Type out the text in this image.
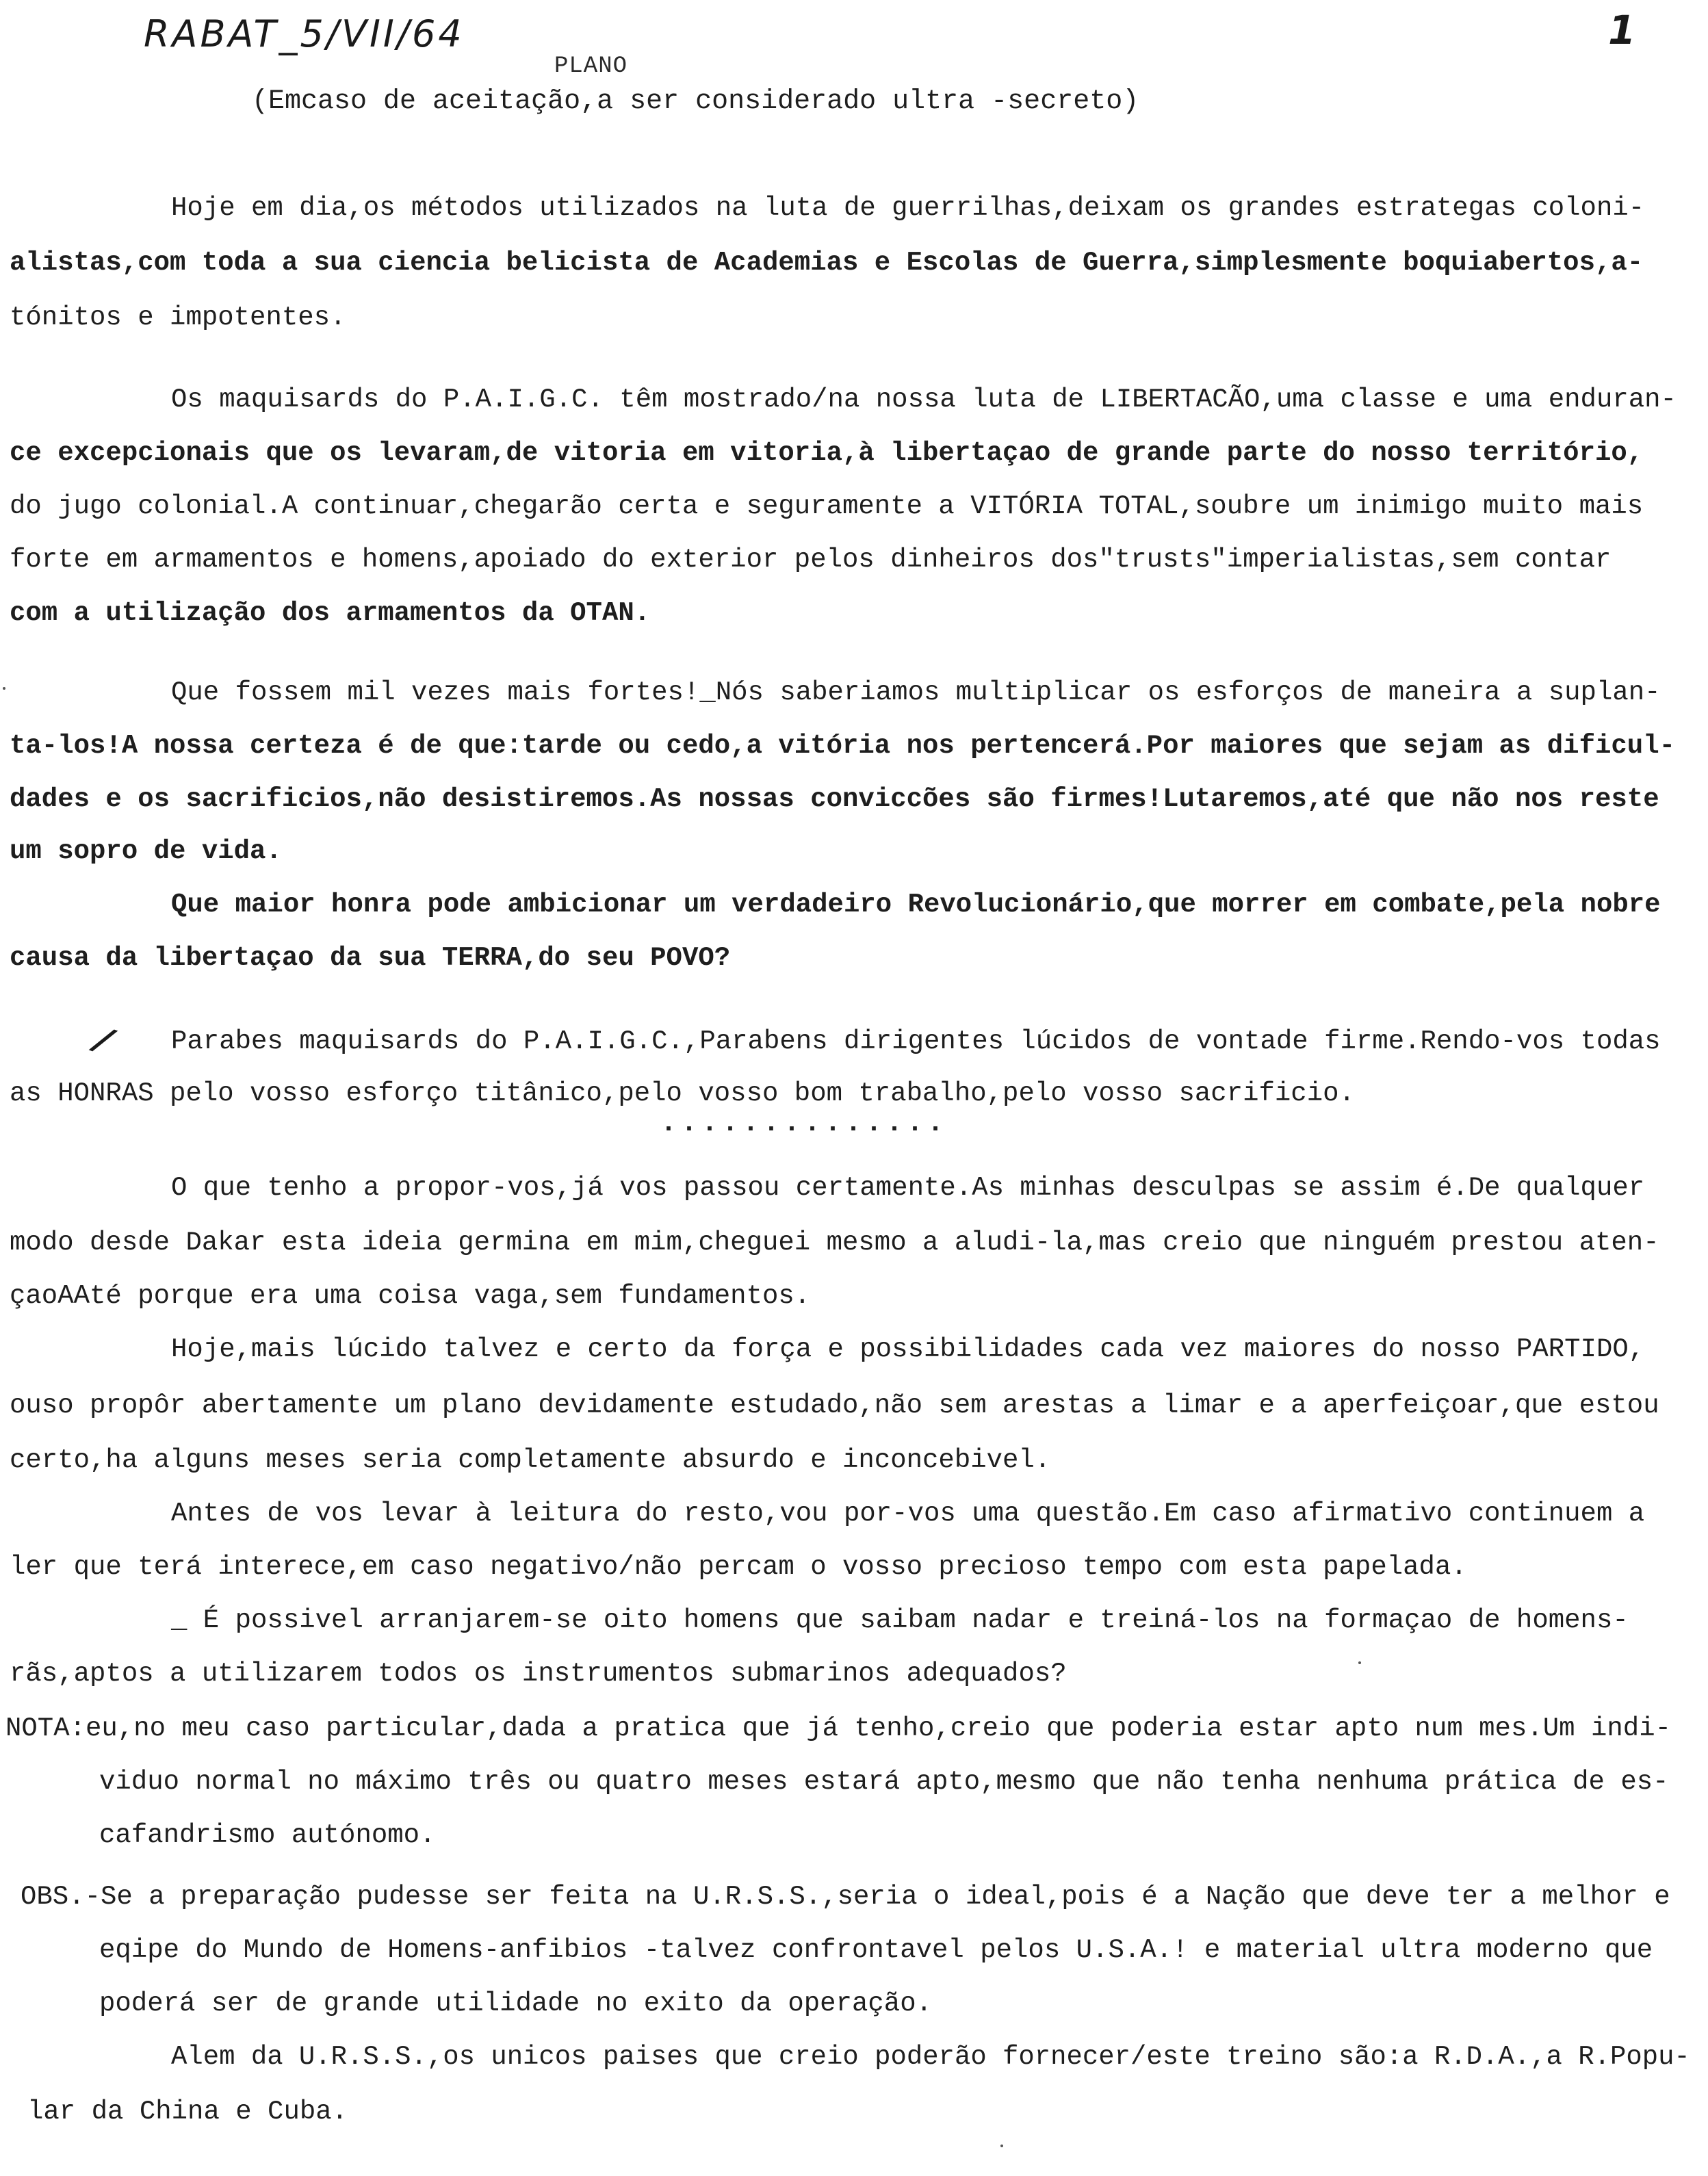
RABAT_5/VII/64	1
PLANO
(Emcaso de aceitação,a ser considerado ultra -secreto)
Hoje em dia,os métodos utilizados na luta de guerrilhas,deixam os grandes estrategas coloni-
alistas,com toda a sua ciencia belicista de Academias e Escolas de Guerra,simplesmente boquiabertos,a-
tónitos e impotentes.
Os maquisards do P.A.I.G.C. têm mostrado/na nossa luta de LIBERTACÃO,uma classe e uma enduran-
ce excepcionais que os levaram,de vitoria em vitoria,à libertaçao de grande parte do nosso território,
do jugo colonial.A continuar,chegarão certa e seguramente a VITÓRIA TOTAL,soubre um inimigo muito mais
forte em armamentos e homens,apoiado do exterior pelos dinheiros dos"trusts"imperialistas,sem contar
com a utilização dos armamentos da OTAN.
Que fossem mil vezes mais fortes!_Nós saberiamos multiplicar os esforços de maneira a suplan-
ta-los!A nossa certeza é de que:tarde ou cedo,a vitória nos pertencerá.Por maiores que sejam as dificul-
dades e os sacrificios,não desistiremos.As nossas conviccões são firmes!Lutaremos,até que não nos reste
um sopro de vida.
Que maior honra pode ambicionar um verdadeiro Revolucionário,que morrer em combate,pela nobre
causa da libertaçao da sua TERRA,do seu POVO?
⁄ Parabes maquisards do P.A.I.G.C.,Parabens dirigentes lúcidos de vontade firme.Rendo-vos todas
as HONRAS pelo vosso esforço titânico,pelo vosso bom trabalho,pelo vosso sacrificio.
..............
O que tenho a propor-vos,já vos passou certamente.As minhas desculpas se assim é.De qualquer
modo desde Dakar esta ideia germina em mim,cheguei mesmo a aludi-la,mas creio que ninguém prestou aten-
çaoAAté porque era uma coisa vaga,sem fundamentos.
Hoje,mais lúcido talvez e certo da força e possibilidades cada vez maiores do nosso PARTIDO,
ouso propôr abertamente um plano devidamente estudado,não sem arestas a limar e a aperfeiçoar,que estou
certo,ha alguns meses seria completamente absurdo e inconcebivel.
Antes de vos levar à leitura do resto,vou por-vos uma questão.Em caso afirmativo continuem a
ler que terá interece,em caso negativo/não percam o vosso precioso tempo com esta papelada.
_ É possivel arranjarem-se oito homens que saibam nadar e treiná-los na formaçao de homens-
rãs,aptos a utilizarem todos os instrumentos submarinos adequados?
NOTA:eu,no meu caso particular,dada a pratica que já tenho,creio que poderia estar apto num mes.Um indi-
viduo normal no máximo três ou quatro meses estará apto,mesmo que não tenha nenhuma prática de es-
cafandrismo autónomo.
OBS.-Se a preparação pudesse ser feita na U.R.S.S.,seria o ideal,pois é a Nação que deve ter a melhor e
eqipe do Mundo de Homens-anfibios -talvez confrontavel pelos U.S.A.! e material ultra moderno que
poderá ser de grande utilidade no exito da operação.
Alem da U.R.S.S.,os unicos paises que creio poderão fornecer/este treino são:a R.D.A.,a R.Popu-
lar da China e Cuba.
